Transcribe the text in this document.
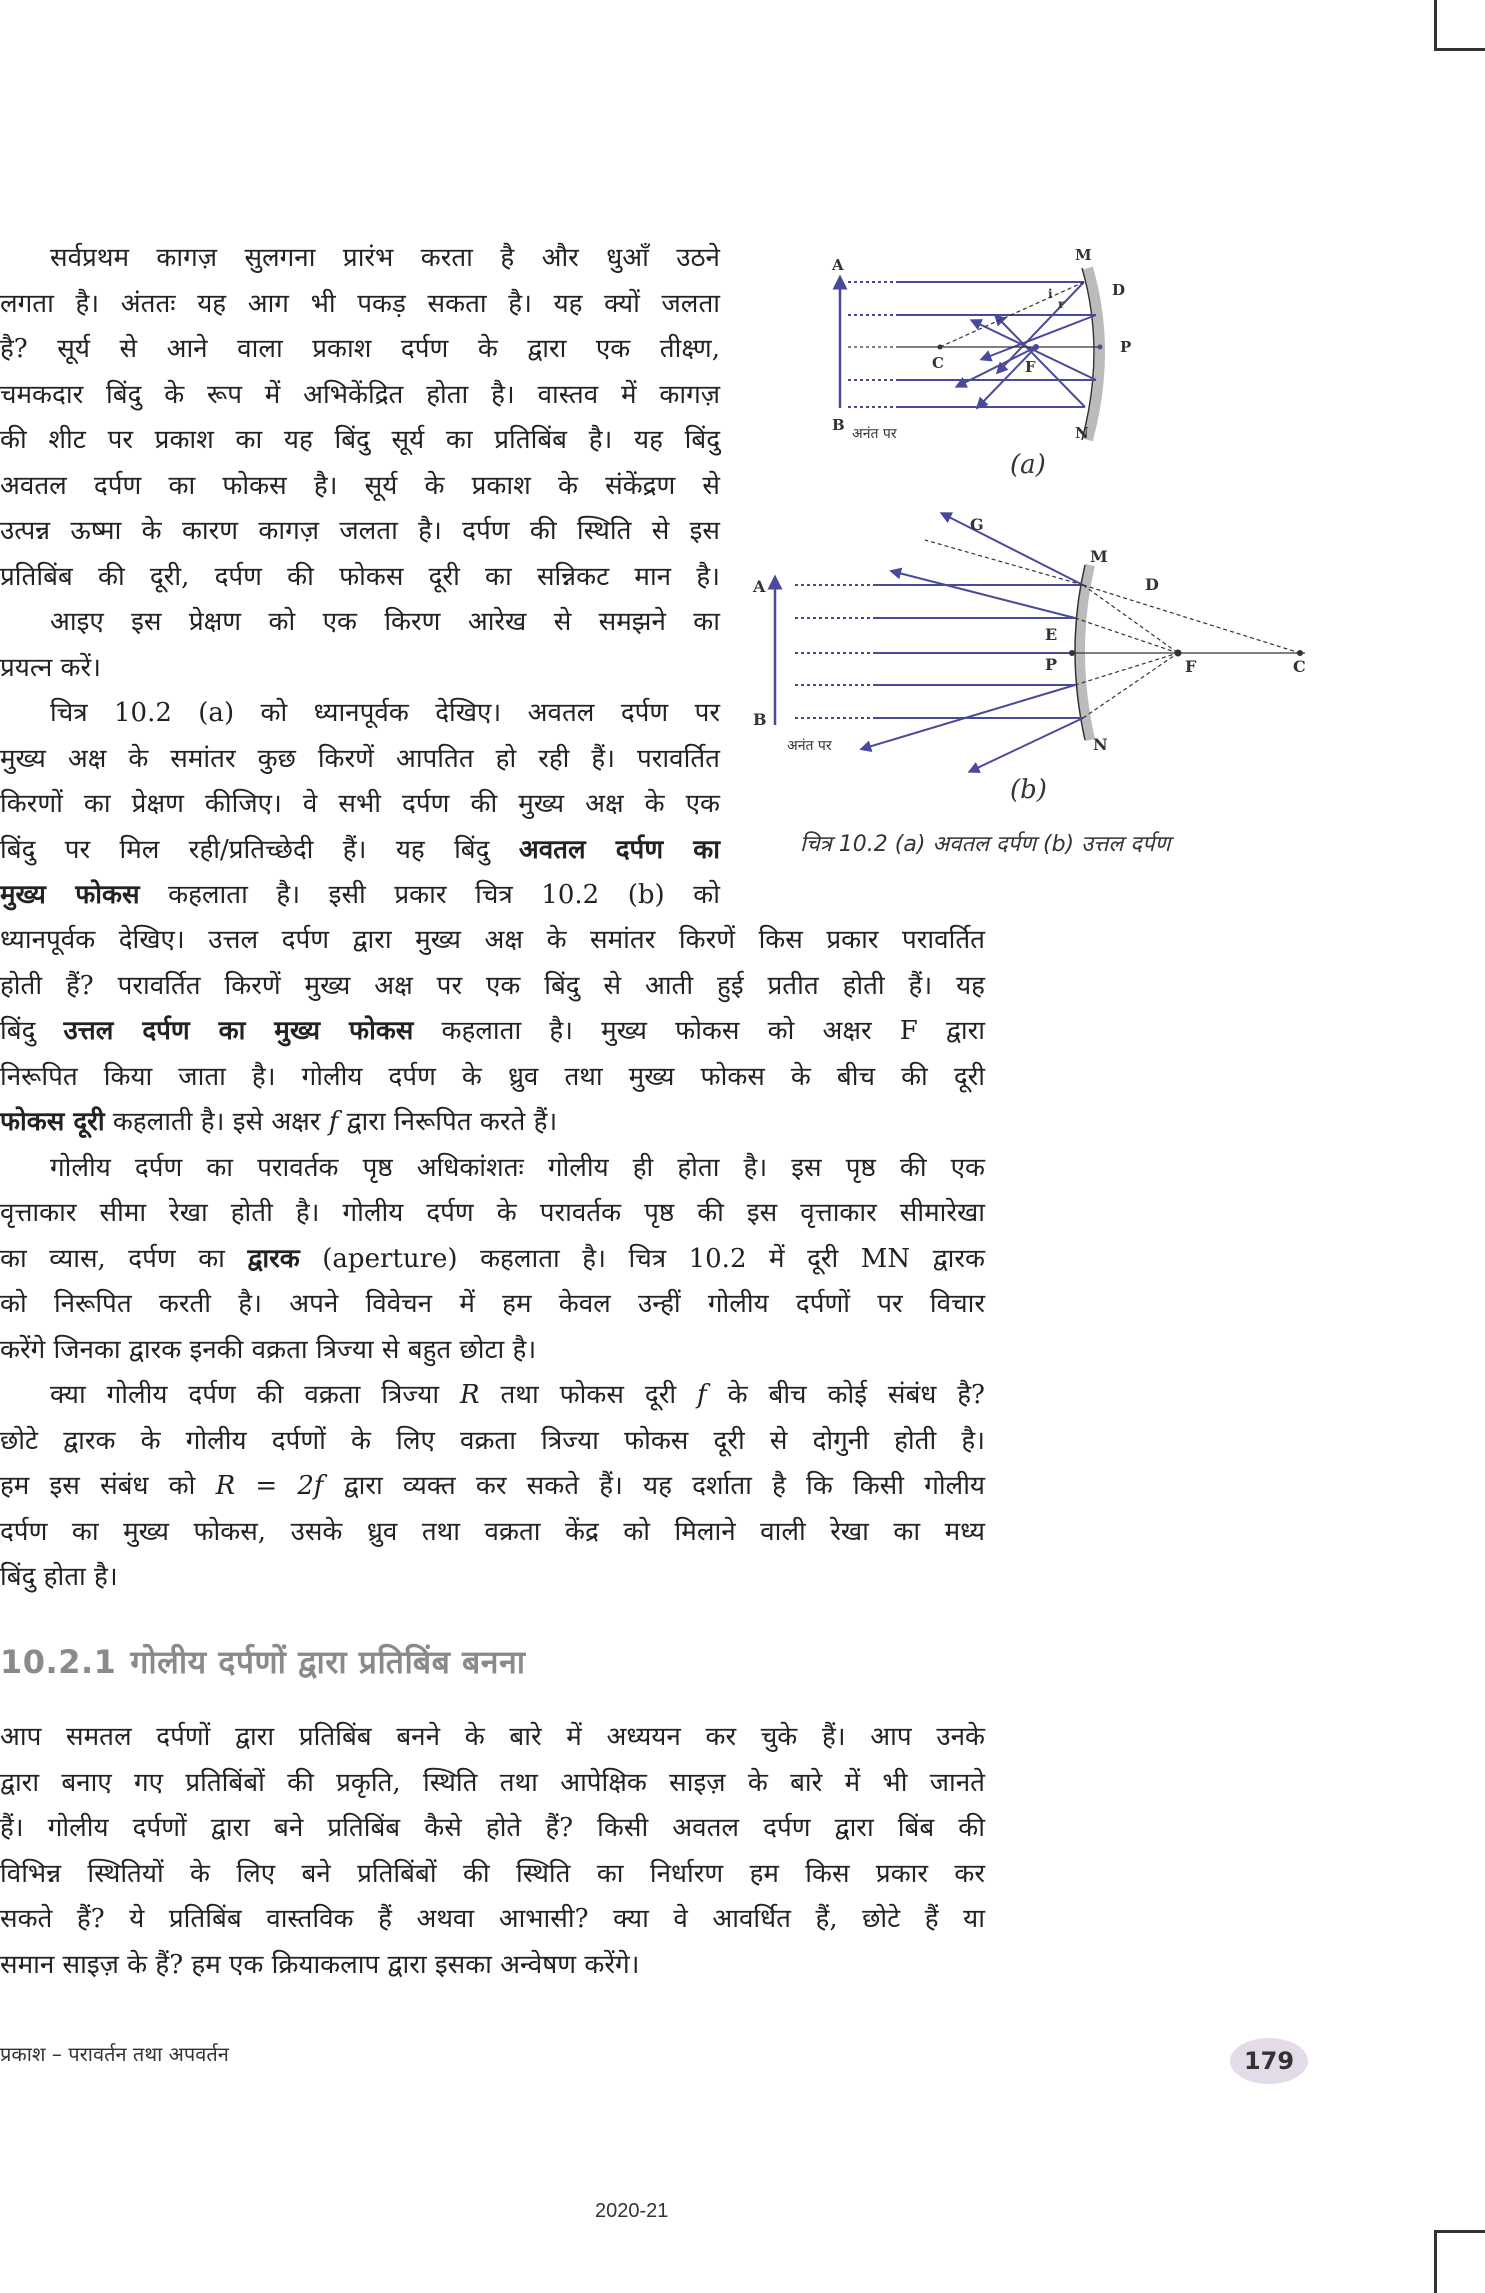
सर्वप्रथम कागज़ सुलगना प्रारंभ करता है और धुआँ उठने
लगता है। अंततः यह आग भी पकड़ सकता है। यह क्यों जलता
है? सूर्य से आने वाला प्रकाश दर्पण के द्वारा एक तीक्ष्ण,
चमकदार बिंदु के रूप में अभिकेंद्रित होता है। वास्तव में कागज़
की शीट पर प्रकाश का यह बिंदु सूर्य का प्रतिबिंब है। यह बिंदु
अवतल दर्पण का फोकस है। सूर्य के प्रकाश के संकेंद्रण से
उत्पन्न ऊष्मा के कारण कागज़ जलता है। दर्पण की स्थिति से इस
प्रतिबिंब की दूरी, दर्पण की फोकस दूरी का सन्निकट मान है।
आइए इस प्रेक्षण को एक किरण आरेख से समझने का
प्रयत्न करें।
चित्र 10.2 (a) को ध्यानपूर्वक देखिए। अवतल दर्पण पर
मुख्य अक्ष के समांतर कुछ किरणें आपतित हो रही हैं। परावर्तित
किरणों का प्रेक्षण कीजिए। वे सभी दर्पण की मुख्य अक्ष के एक
बिंदु पर मिल रही/प्रतिच्छेदी हैं। यह बिंदु अवतल दर्पण का
मुख्य फोकस कहलाता है। इसी प्रकार चित्र 10.2 (b) को
ध्यानपूर्वक देखिए। उत्तल दर्पण द्वारा मुख्य अक्ष के समांतर किरणें किस प्रकार परावर्तित
होती हैं? परावर्तित किरणें मुख्य अक्ष पर एक बिंदु से आती हुई प्रतीत होती हैं। यह
बिंदु उत्तल दर्पण का मुख्य फोकस कहलाता है। मुख्य फोकस को अक्षर F द्वारा
निरूपित किया जाता है। गोलीय दर्पण के ध्रुव तथा मुख्य फोकस के बीच की दूरी
फोकस दूरी कहलाती है। इसे अक्षर f द्वारा निरूपित करते हैं।
गोलीय दर्पण का परावर्तक पृष्ठ अधिकांशतः गोलीय ही होता है। इस पृष्ठ की एक
वृत्ताकार सीमा रेखा होती है। गोलीय दर्पण के परावर्तक पृष्ठ की इस वृत्ताकार सीमारेखा
का व्यास, दर्पण का द्वारक (aperture) कहलाता है। चित्र 10.2 में दूरी MN द्वारक
को निरूपित करती है। अपने विवेचन में हम केवल उन्हीं गोलीय दर्पणों पर विचार
करेंगे जिनका द्वारक इनकी वक्रता त्रिज्या से बहुत छोटा है।
क्या गोलीय दर्पण की वक्रता त्रिज्या R तथा फोकस दूरी f के बीच कोई संबंध है?
छोटे द्वारक के गोलीय दर्पणों के लिए वक्रता त्रिज्या फोकस दूरी से दोगुनी होती है।
हम इस संबंध को R = 2f द्वारा व्यक्त कर सकते हैं। यह दर्शाता है कि किसी गोलीय
दर्पण का मुख्य फोकस, उसके ध्रुव तथा वक्रता केंद्र को मिलाने वाली रेखा का मध्य
बिंदु होता है।
10.2.1 गोलीय दर्पणों द्वारा प्रतिबिंब बनना
आप समतल दर्पणों द्वारा प्रतिबिंब बनने के बारे में अध्ययन कर चुके हैं। आप उनके
द्वारा बनाए गए प्रतिबिंबों की प्रकृति, स्थिति तथा आपेक्षिक साइज़ के बारे में भी जानते
हैं। गोलीय दर्पणों द्वारा बने प्रतिबिंब कैसे होते हैं? किसी अवतल दर्पण द्वारा बिंब की
विभिन्न स्थितियों के लिए बने प्रतिबिंबों की स्थिति का निर्धारण हम किस प्रकार कर
सकते हैं? ये प्रतिबिंब वास्तविक हैं अथवा आभासी? क्या वे आवर्धित हैं, छोटे हैं या
समान साइज़ के हैं? हम एक क्रियाकलाप द्वारा इसका अन्वेषण करेंगे।
A
B
M
N
D
P
C	F
i
r
अनंत पर
(a)
A
B
G
M
N
D
E
P	F	C
अनंत पर
(b)
चित्र 10.2 (a) अवतल दर्पण (b) उत्तल दर्पण
प्रकाश – परावर्तन तथा अपवर्तन	179
2020-21
